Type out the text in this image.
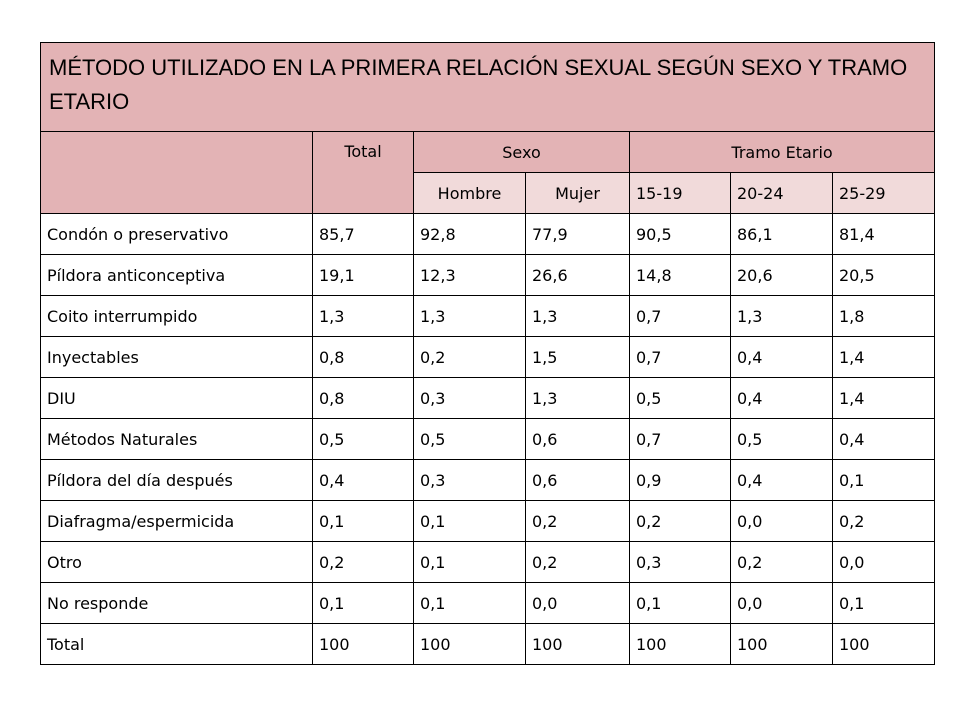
MÉTODO UTILIZADO EN LA PRIMERA RELACIÓN SEXUAL SEGÚN SEXO Y TRAMO ETARIO						
	Total	Sexo		Tramo Etario		
		Hombre	Mujer	15-19	20-24	25-29
Condón o preservativo	85,7	92,8	77,9	90,5	86,1	81,4
Píldora anticonceptiva	19,1	12,3	26,6	14,8	20,6	20,5
Coito interrumpido	1,3	1,3	1,3	0,7	1,3	1,8
Inyectables	0,8	0,2	1,5	0,7	0,4	1,4
DIU	0,8	0,3	1,3	0,5	0,4	1,4
Métodos Naturales	0,5	0,5	0,6	0,7	0,5	0,4
Píldora del día después	0,4	0,3	0,6	0,9	0,4	0,1
Diafragma/espermicida	0,1	0,1	0,2	0,2	0,0	0,2
Otro	0,2	0,1	0,2	0,3	0,2	0,0
No responde	0,1	0,1	0,0	0,1	0,0	0,1
Total	100	100	100	100	100	100
